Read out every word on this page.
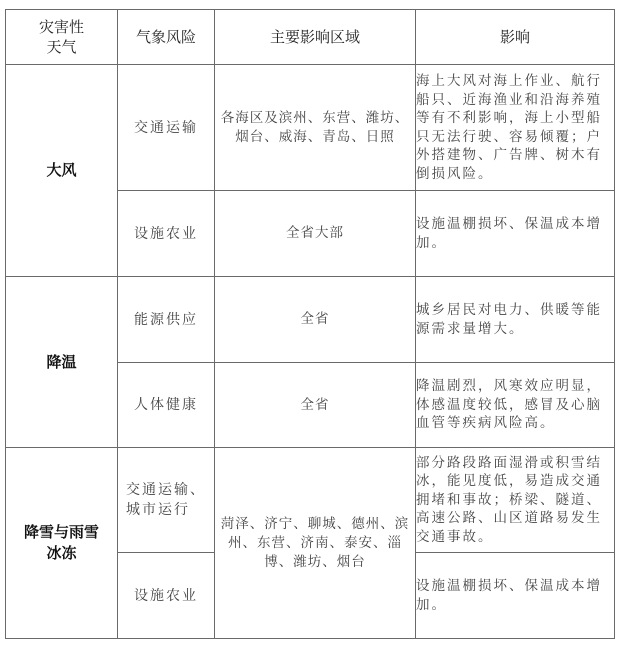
灾害性
天气	气象风险	主要影响区域	影响
大风	交通运输	各海区及滨州、东营、潍坊、烟台、威海、青岛、日照	海上大风对海上作业、航行船只、近海渔业和沿海养殖等有不利影响，海上小型船只无法行驶、容易倾覆；户外搭建物、广告牌、树木有倒损风险。
	设施农业	全省大部	设施温棚损坏、保温成本增加。
降温	能源供应	全省	城乡居民对电力、供暖等能源需求量增大。
	人体健康	全省	降温剧烈，风寒效应明显，体感温度较低，感冒及心脑血管等疾病风险高。
降雪与雨雪冰冻	交通运输、城市运行	菏泽、济宁、聊城、德州、滨州、东营、济南、泰安、淄博、潍坊、烟台	部分路段路面湿滑或积雪结冰，能见度低，易造成交通拥堵和事故；桥梁、隧道、高速公路、山区道路易发生交通事故。
	设施农业		设施温棚损坏、保温成本增加。
